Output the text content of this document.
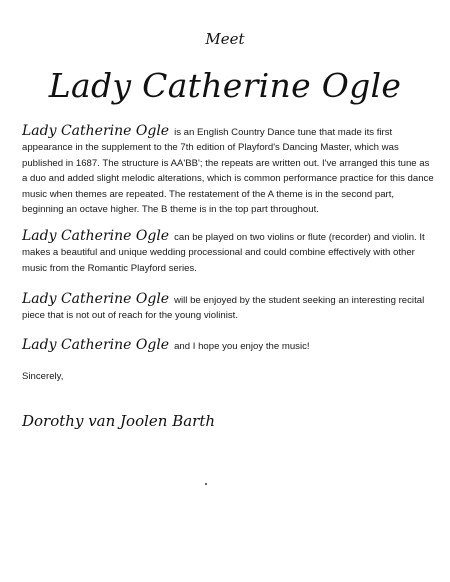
Meet
Lady Catherine Ogle

Lady Catherine Ogle is an English Country Dance tune that made its first appearance in the supplement to the 7th edition of Playford's Dancing Master, which was published in 1687. The structure is AA'BB'; the repeats are written out. I've arranged this tune as a duo and added slight melodic alterations, which is common performance practice for this dance music when themes are repeated. The restatement of the A theme is in the second part, beginning an octave higher. The B theme is in the top part throughout.

Lady Catherine Ogle can be played on two violins or flute (recorder) and violin. It makes a beautiful and unique wedding processional and could combine effectively with other music from the Romantic Playford series.

Lady Catherine Ogle will be enjoyed by the student seeking an interesting recital piece that is not out of reach for the young violinist.

Lady Catherine Ogle and I hope you enjoy the music!

Sincerely,
Dorothy van Joolen Barth
